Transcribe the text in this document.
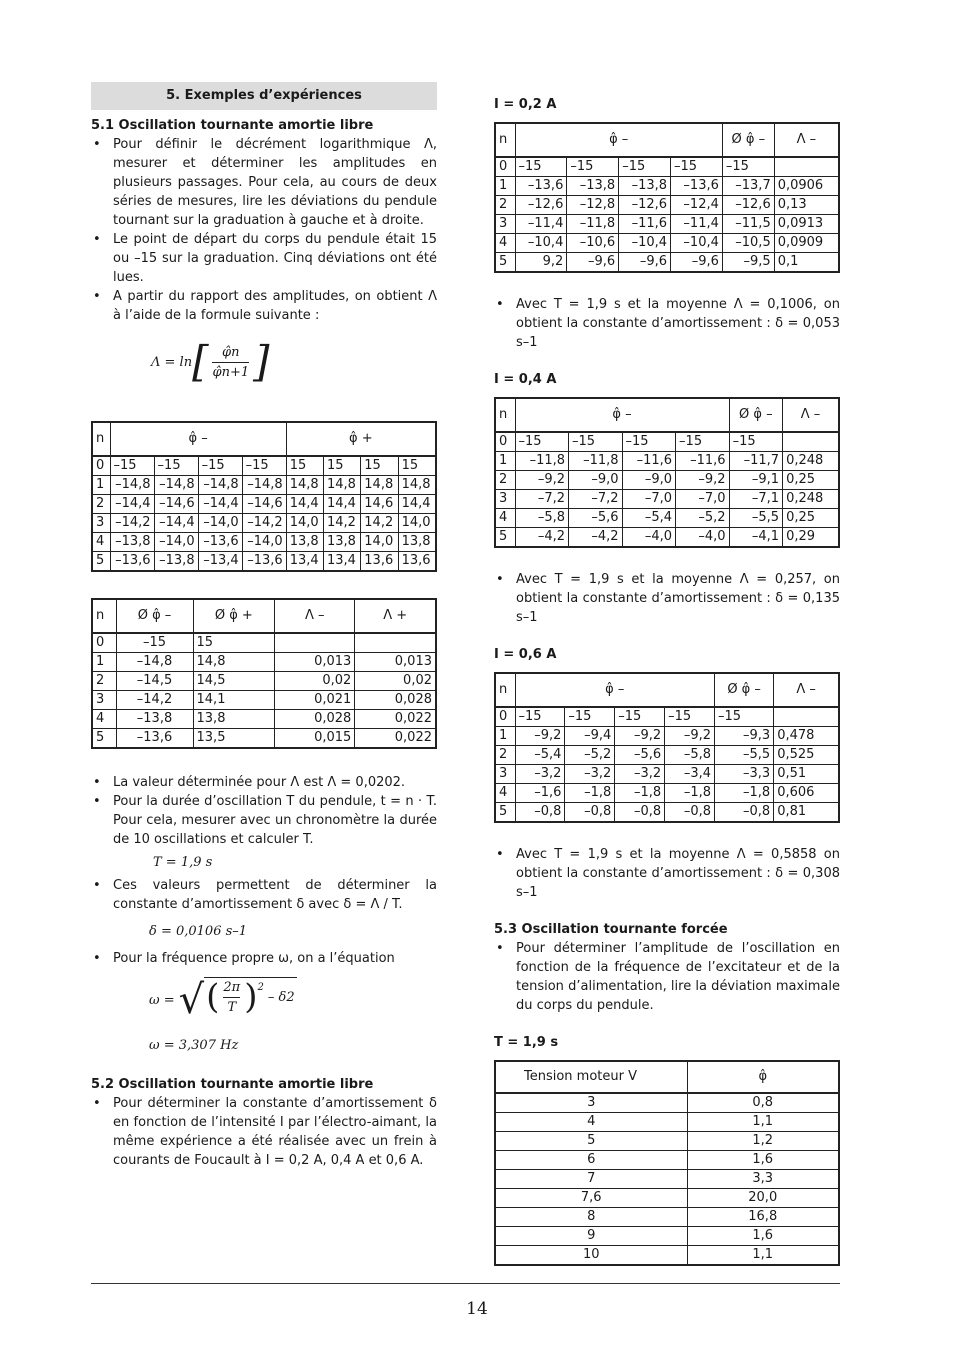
5. Exemples d’expériences
5.1 Oscillation tournante amortie libre
• Pour définir le décrément logarithmique Λ, mesurer et déterminer les amplitudes en plusieurs passages. Pour cela, au cours de deux séries de mesures, lire les déviations du pendule tournant sur la graduation à gauche et à droite.
• Le point de départ du corps du pendule était 15 ou –15 sur la graduation. Cinq déviations ont été lues.
• A partir du rapport des amplitudes, on obtient Λ à l’aide de la formule suivante :
Λ = ln [ $\frac{\varphîn}{\varphîn+1}$ ]
n	φ̂ –				φ̂ +			
0	–15	–15	–15	–15	15	15	15	15
1	–14,8	–14,8	–14,8	–14,8	14,8	14,8	14,8	14,8
2	–14,4	–14,6	–14,4	–14,6	14,4	14,4	14,6	14,4
3	–14,2	–14,4	–14,0	–14,2	14,0	14,2	14,2	14,0
4	–13,8	–14,0	–13,6	–14,0	13,8	13,8	14,0	13,8
5	–13,6	–13,8	–13,4	–13,6	13,4	13,4	13,6	13,6
n	Ø φ̂ –	Ø φ̂ +	Λ –	Λ +
0	–15	15		
1	–14,8	14,8	0,013	0,013
2	–14,5	14,5	0,02	0,02
3	–14,2	14,1	0,021	0,028
4	–13,8	13,8	0,028	0,022
5	–13,6	13,5	0,015	0,022
• La valeur déterminée pour Λ est Λ = 0,0202.
• Pour la durée d’oscillation T du pendule, t = n · T. Pour cela, mesurer avec un chronomètre la durée de 10 oscillations et calculer T.
T = 1,9 s
• Ces valeurs permettent de déterminer la constante d’amortissement δ avec δ = Λ / T.
δ = 0,0106 s–1
• Pour la fréquence propre ω, on a l’équation
ω = √ ( $\frac{2\pi}{T} )^2$
– δ2
ω = 3,307 Hz
5.2 Oscillation tournante amortie libre
• Pour déterminer la constante d’amortissement δ en fonction de l’intensité I par l’électro-aimant, la même expérience a été réalisée avec un frein à courants de Foucault à I = 0,2 A, 0,4 A et 0,6 A.
I = 0,2 A
n	φ̂ –				Ø φ̂ –	Λ –
0	–15	–15	–15	–15	–15	
1	–13,6	–13,8	–13,8	–13,6	–13,7	0,0906
2	–12,6	–12,8	–12,6	–12,4	–12,6	0,13
3	–11,4	–11,8	–11,6	–11,4	–11,5	0,0913
4	–10,4	–10,6	–10,4	–10,4	–10,5	0,0909
5	9,2	–9,6	–9,6	–9,6	–9,5	0,1
• Avec T = 1,9 s et la moyenne Λ = 0,1006, on obtient la constante d’amortissement : δ = 0,053 s–1
I = 0,4 A
n	φ̂ –				Ø φ̂ –	Λ –
0	–15	–15	–15	–15	–15	
1	–11,8	–11,8	–11,6	–11,6	–11,7	0,248
2	–9,2	–9,0	–9,0	–9,2	–9,1	0,25
3	–7,2	–7,2	–7,0	–7,0	–7,1	0,248
4	–5,8	–5,6	–5,4	–5,2	–5,5	0,25
5	–4,2	–4,2	–4,0	–4,0	–4,1	0,29
• Avec T = 1,9 s et la moyenne Λ = 0,257, on obtient la constante d’amortissement : δ = 0,135 s–1
I = 0,6 A
n	φ̂ –				Ø φ̂ –	Λ –
0	–15	–15	–15	–15	–15	
1	–9,2	–9,4	–9,2	–9,2	–9,3	0,478
2	–5,4	–5,2	–5,6	–5,8	–5,5	0,525
3	–3,2	–3,2	–3,2	–3,4	–3,3	0,51
4	–1,6	–1,8	–1,8	–1,8	–1,8	0,606
5	–0,8	–0,8	–0,8	–0,8	–0,8	0,81
• Avec T = 1,9 s et la moyenne Λ = 0,5858 on obtient la constante d’amortissement : δ = 0,308 s–1
5.3 Oscillation tournante forcée
• Pour déterminer l’amplitude de l’oscillation en fonction de la fréquence de l’excitateur et de la tension d’alimentation, lire la déviation maximale du corps du pendule.
T = 1,9 s
Tension moteur V	φ̂
3	0,8
4	1,1
5	1,2
6	1,6
7	3,3
7,6	20,0
8	16,8
9	1,6
10	1,1
14
